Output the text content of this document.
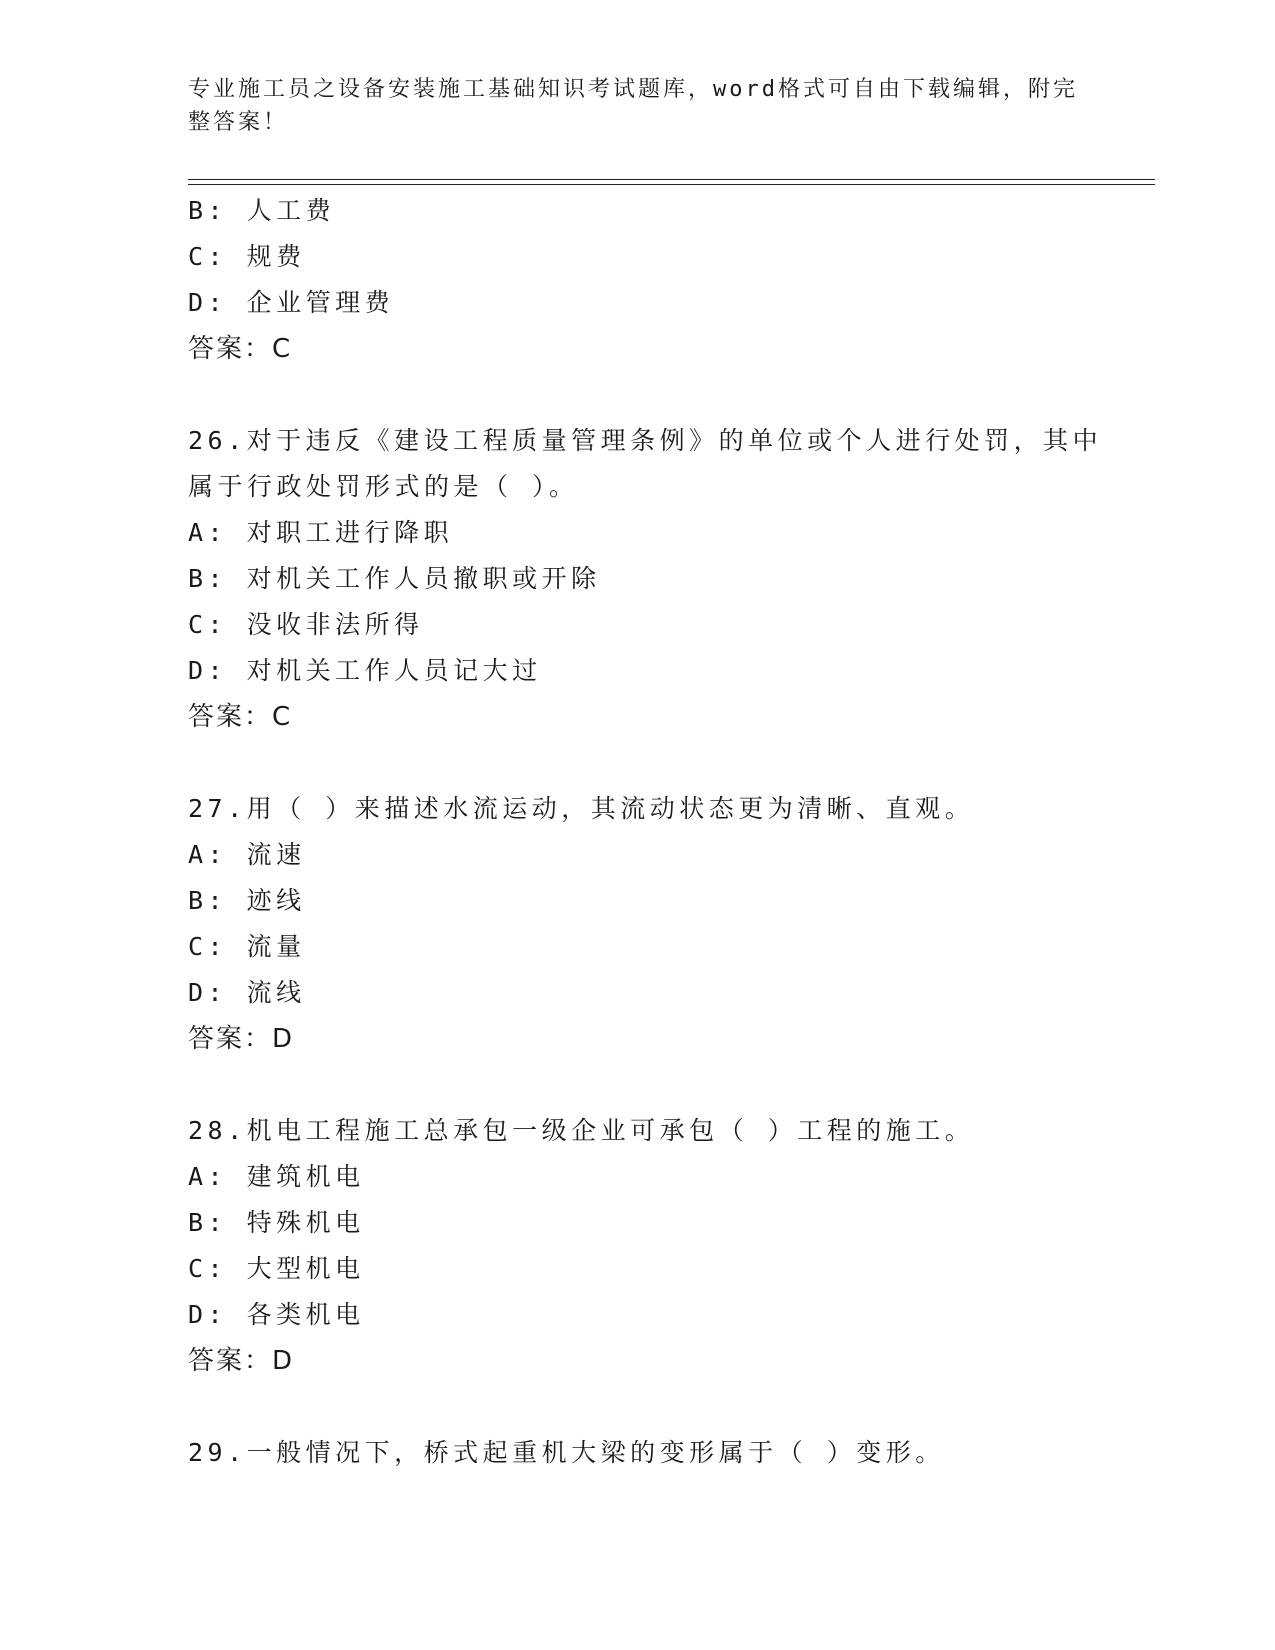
专业施工员之设备安装施工基础知识考试题库，word格式可自由下载编辑，附完
整答案！
B: 人工费
C: 规费
D: 企业管理费
答案：C
26.对于违反《建设工程质量管理条例》的单位或个人进行处罚，其中
属于行政处罚形式的是（ ）。
A: 对职工进行降职
B: 对机关工作人员撤职或开除
C: 没收非法所得
D: 对机关工作人员记大过
答案：C
27.用（ ）来描述水流运动，其流动状态更为清晰、直观。
A: 流速
B: 迹线
C: 流量
D: 流线
答案：D
28.机电工程施工总承包一级企业可承包（ ）工程的施工。
A: 建筑机电
B: 特殊机电
C: 大型机电
D: 各类机电
答案：D
29.一般情况下，桥式起重机大梁的变形属于（ ）变形。
